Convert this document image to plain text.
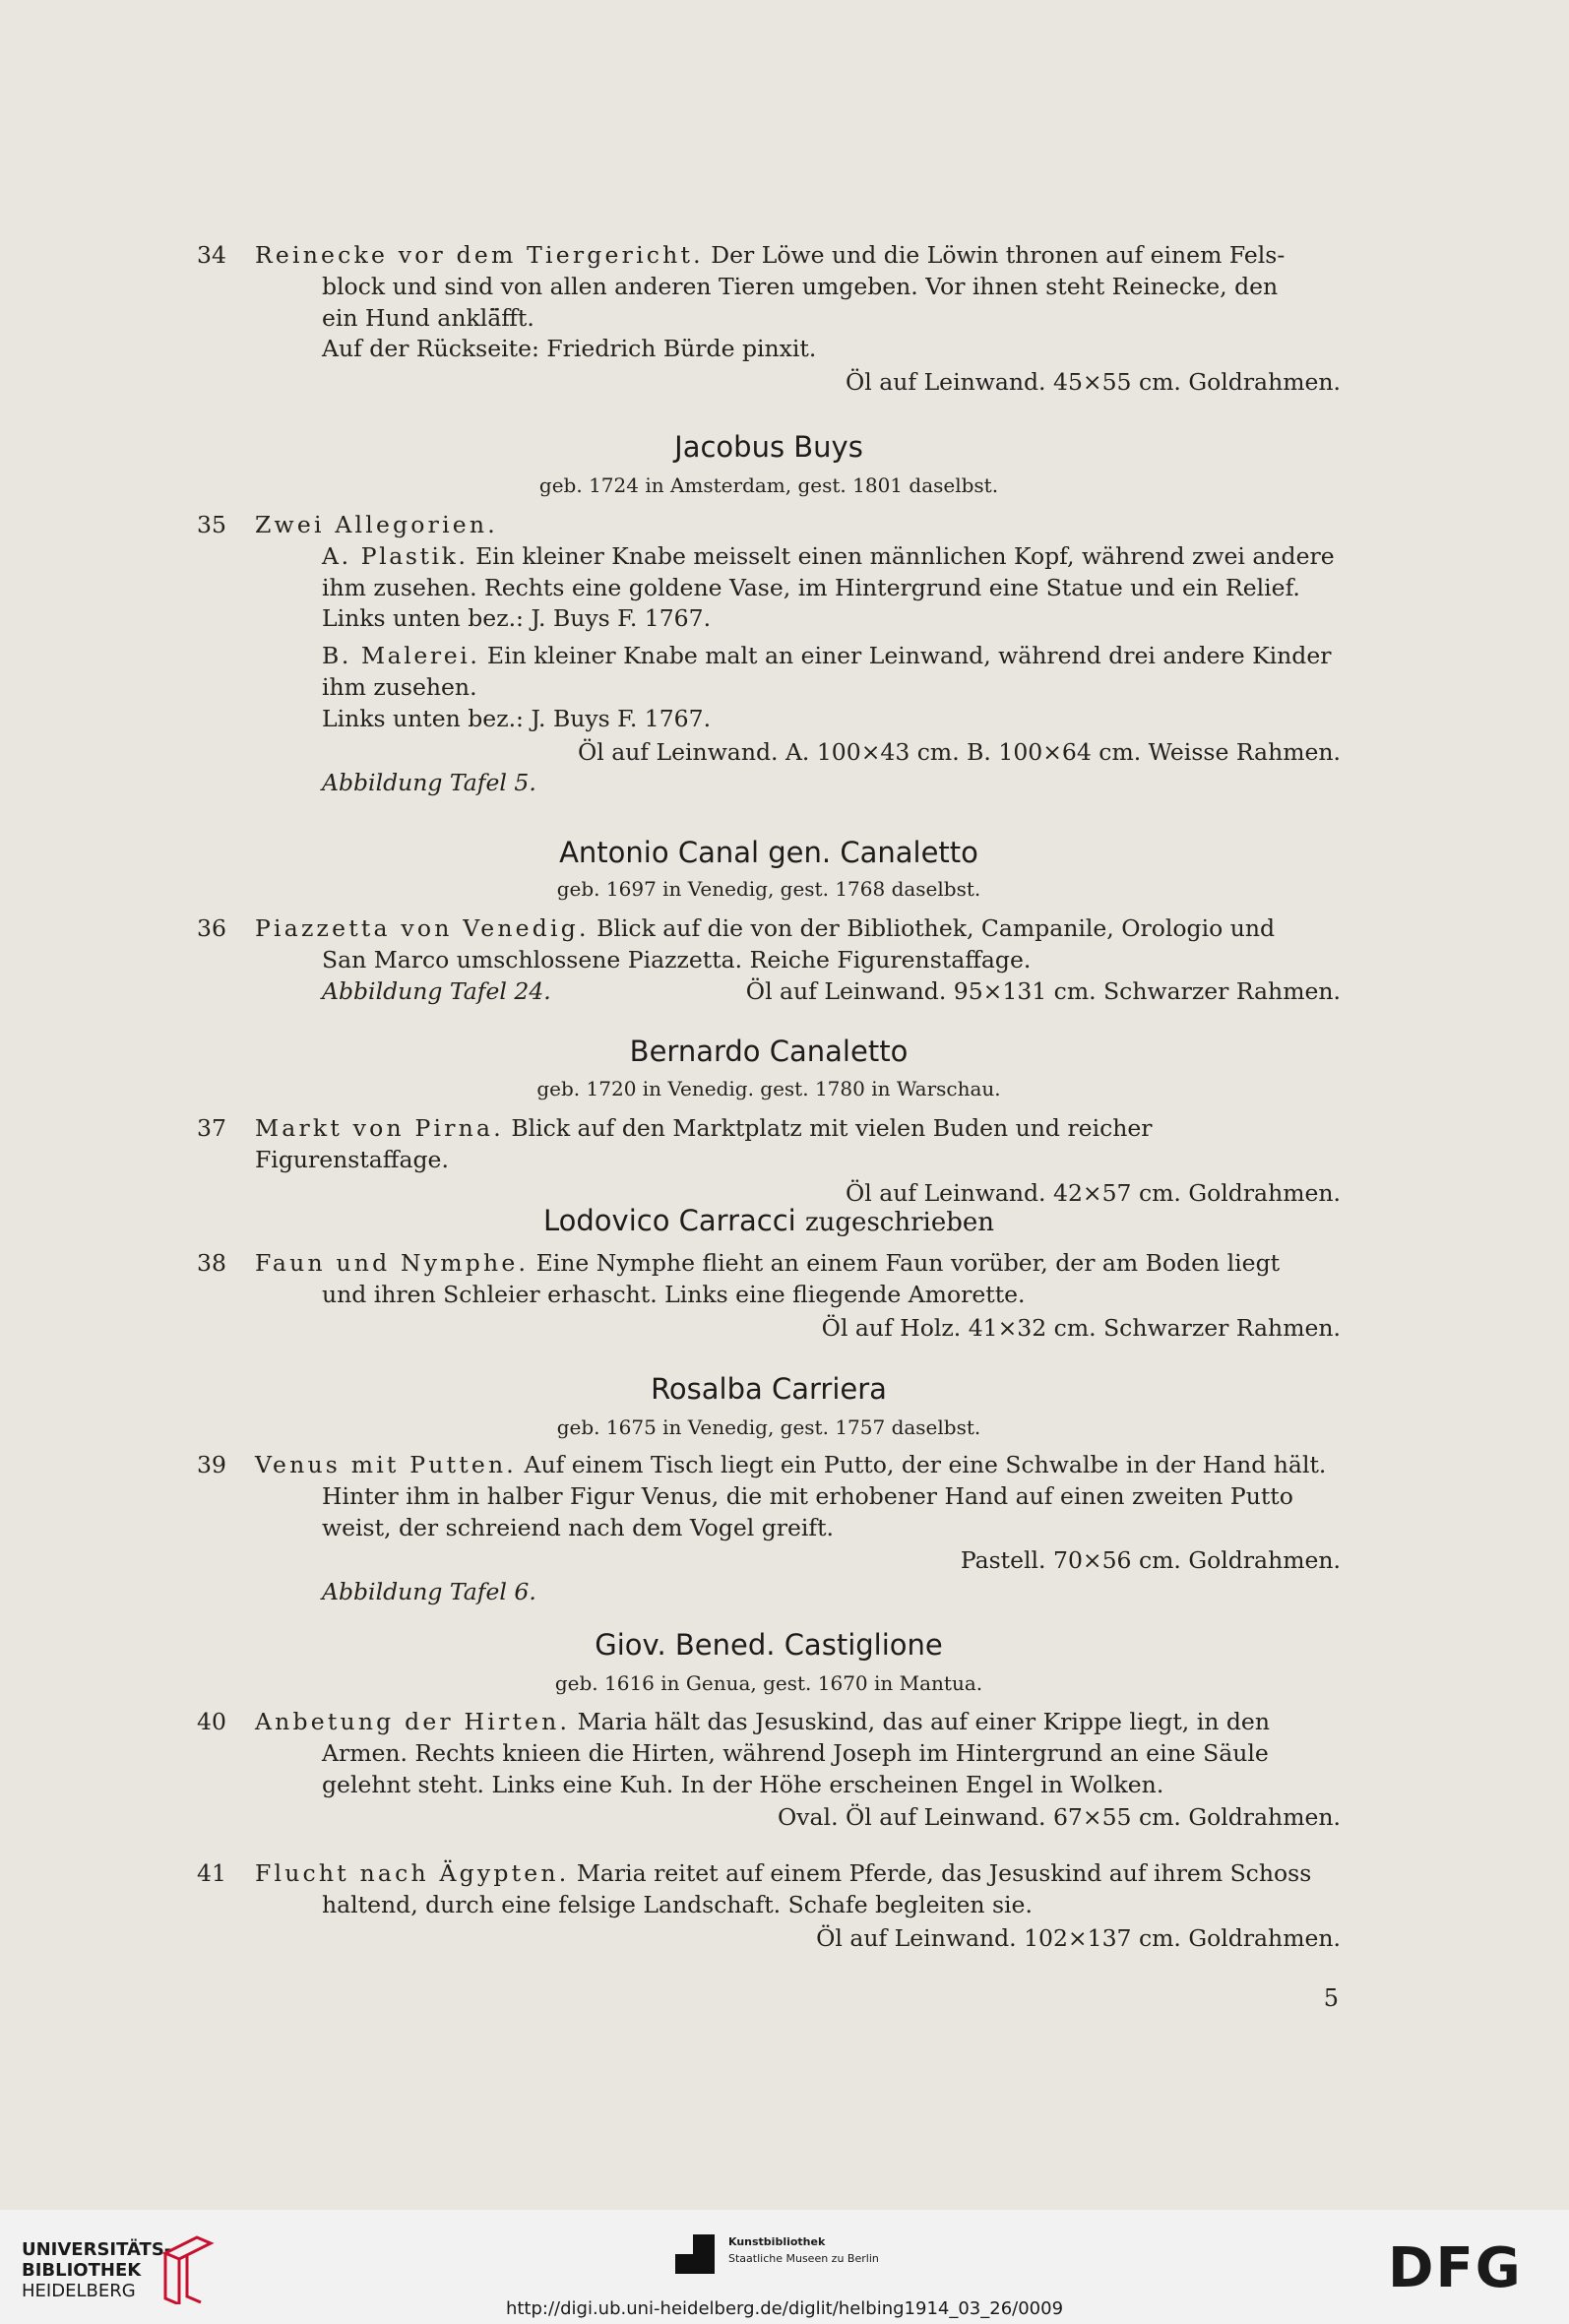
34 Reinecke vor dem Tiergericht. Der Löwe und die Löwin thronen auf einem Fels-
block und sind von allen anderen Tieren umgeben. Vor ihnen steht Reinecke, den
ein Hund anklä̈fft.
Auf der Rückseite: Friedrich Bürde pinxit.
Öl auf Leinwand. 45×55 cm. Goldrahmen.
Jacobus Buys
geb. 1724 in Amsterdam, gest. 1801 daselbst.
35 Zwei Allegorien.
A. Plastik. Ein kleiner Knabe meisselt einen männlichen Kopf, während zwei andere
ihm zusehen. Rechts eine goldene Vase, im Hintergrund eine Statue und ein Relief.
Links unten bez.: J. Buys F. 1767.
B. Malerei. Ein kleiner Knabe malt an einer Leinwand, während drei andere Kinder
ihm zusehen.
Links unten bez.: J. Buys F. 1767.
Öl auf Leinwand. A. 100×43 cm. B. 100×64 cm. Weisse Rahmen.
Abbildung Tafel 5.
Antonio Canal gen. Canaletto
geb. 1697 in Venedig, gest. 1768 daselbst.
36 Piazzetta von Venedig. Blick auf die von der Bibliothek, Campanile, Orologio und
San Marco umschlossene Piazzetta. Reiche Figurenstaffage.
Abbildung Tafel 24.	Öl auf Leinwand. 95×131 cm. Schwarzer Rahmen.
Bernardo Canaletto
geb. 1720 in Venedig. gest. 1780 in Warschau.
37 Markt von Pirna. Blick auf den Marktplatz mit vielen Buden und reicher Figurenstaffage.
Öl auf Leinwand. 42×57 cm. Goldrahmen.
Lodovico Carracci zugeschrieben
38 Faun und Nymphe. Eine Nymphe flieht an einem Faun vorüber, der am Boden liegt
und ihren Schleier erhascht. Links eine fliegende Amorette.
Öl auf Holz. 41×32 cm. Schwarzer Rahmen.
Rosalba Carriera
geb. 1675 in Venedig, gest. 1757 daselbst.
39 Venus mit Putten. Auf einem Tisch liegt ein Putto, der eine Schwalbe in der Hand hält.
Hinter ihm in halber Figur Venus, die mit erhobener Hand auf einen zweiten Putto
weist, der schreiend nach dem Vogel greift.
Pastell. 70×56 cm. Goldrahmen.
Abbildung Tafel 6.
Giov. Bened. Castiglione
geb. 1616 in Genua, gest. 1670 in Mantua.
40 Anbetung der Hirten. Maria hält das Jesuskind, das auf einer Krippe liegt, in den
Armen. Rechts knieen die Hirten, während Joseph im Hintergrund an eine Säule
gelehnt steht. Links eine Kuh. In der Höhe erscheinen Engel in Wolken.
Oval. Öl auf Leinwand. 67×55 cm. Goldrahmen.
41 Flucht nach Ägypten. Maria reitet auf einem Pferde, das Jesuskind auf ihrem Schoss
haltend, durch eine felsige Landschaft. Schafe begleiten sie.
Öl auf Leinwand. 102×137 cm. Goldrahmen.
5
UNIVERSITÄTS-
BIBLIOTHEK
HEIDELBERG
Kunstbibliothek
Staatliche Museen zu Berlin	DFG
http://digi.ub.uni-heidelberg.de/diglit/helbing1914_03_26/0009
